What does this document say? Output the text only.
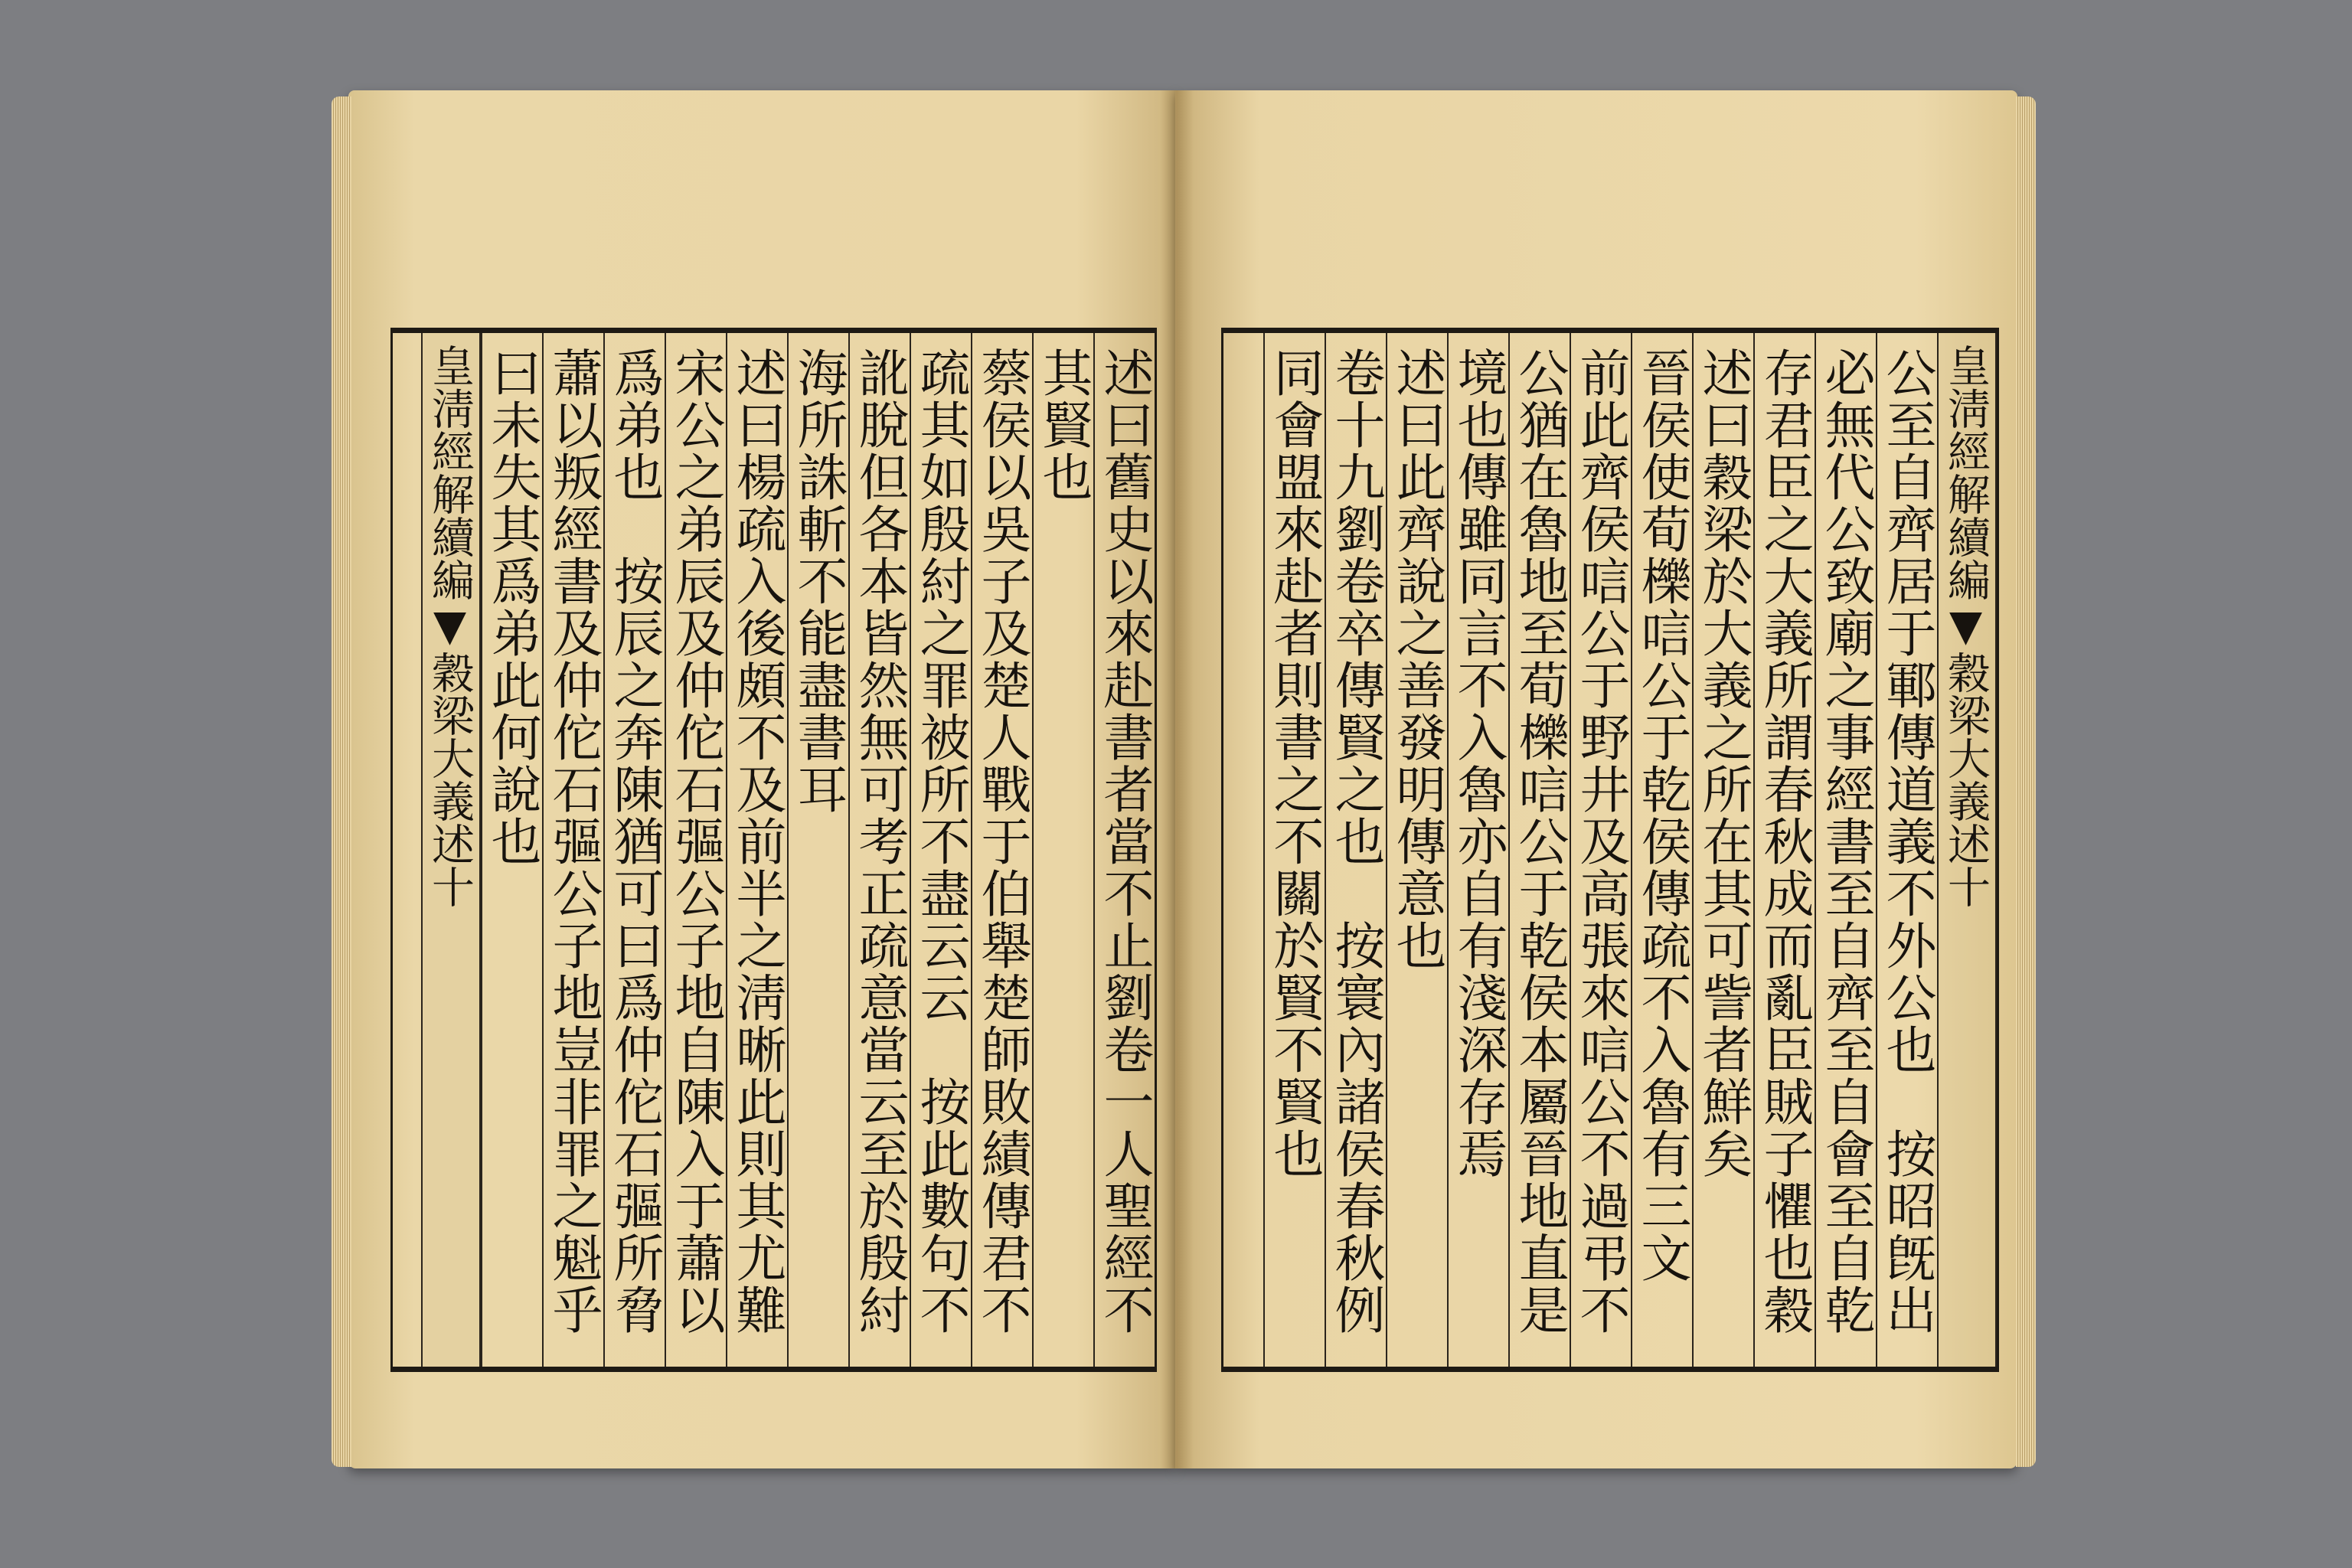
述曰舊史以來赴書者當不止劉卷一人聖經不
其賢也
蔡侯以吳子及楚人戰于伯舉楚師敗績傳君不
疏其如殷紂之罪被所不盡云云　按此數句不
訛脫但各本皆然無可考正疏意當云至於殷紂
海所誅斬不能盡書耳
述曰楊疏入後頗不及前半之淸晰此則其尤難
宋公之弟辰及仲佗石彄公子地自陳入于蕭以
爲弟也　按辰之奔陳猶可曰爲仲佗石彄所脅
蕭以叛經書及仲佗石彄公子地豈非罪之魁乎
曰未失其爲弟此何說也
皇淸經解續編▼穀梁大義述十
皇淸經解續編▼穀梁大義述十
公至自齊居于鄆傳道義不外公也　按昭旣出
必無代公致廟之事經書至自齊至自會至自乾
存君臣之大義所謂春秋成而亂臣賊子懼也穀
述曰穀梁於大義之所在其可訾者鮮矣
晉侯使荀櫟唁公于乾侯傳疏不入魯有三文　
前此齊侯唁公于野井及高張來唁公不過弔不
公猶在魯地至荀櫟唁公于乾侯本屬晉地直是
境也傳雖同言不入魯亦自有淺深存焉
述曰此齊說之善發明傳意也
卷十九劉卷卒傳賢之也　按寰內諸侯春秋例
同會盟來赴者則書之不關於賢不賢也
